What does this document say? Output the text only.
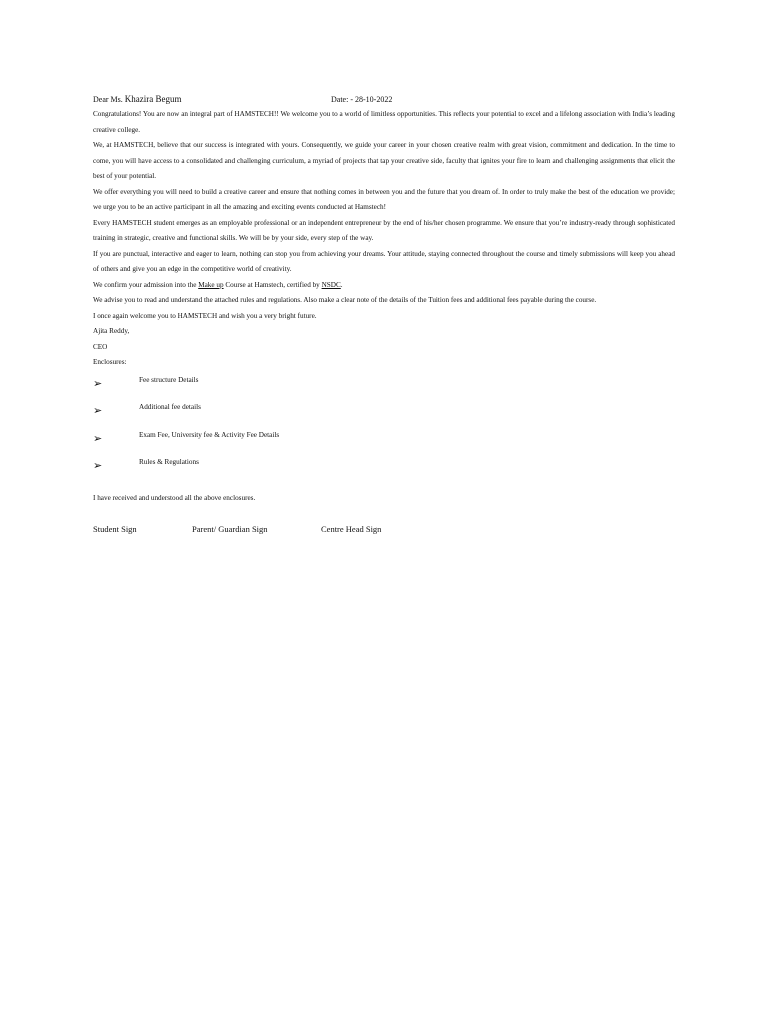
Dear Ms. Khazira Begum	Date: - 28-10-2022

Congratulations! You are now an integral part of HAMSTECH!! We welcome you to a world of limitless opportunities. This reflects your potential to excel and a lifelong association with India’s leading creative college.

We, at HAMSTECH, believe that our success is integrated with yours. Consequently, we guide your career in your chosen creative realm with great vision, commitment and dedication. In the time to come, you will have access to a consolidated and challenging curriculum, a myriad of projects that tap your creative side, faculty that ignites your fire to learn and challenging assignments that elicit the best of your potential.

We offer everything you will need to build a creative career and ensure that nothing comes in between you and the future that you dream of. In order to truly make the best of the education we provide; we urge you to be an active participant in all the amazing and exciting events conducted at Hamstech!

Every HAMSTECH student emerges as an employable professional or an independent entrepreneur by the end of his/her chosen programme. We ensure that you’re industry-ready through sophisticated training in strategic, creative and functional skills. We will be by your side, every step of the way.

If you are punctual, interactive and eager to learn, nothing can stop you from achieving your dreams. Your attitude, staying connected throughout the course and timely submissions will keep you ahead of others and give you an edge in the competitive world of creativity.

We confirm your admission into the Make up Course at Hamstech, certified by NSDC.

We advise you to read and understand the attached rules and regulations. Also make a clear note of the details of the Tuition fees and additional fees payable during the course.

I once again welcome you to HAMSTECH and wish you a very bright future.

Ajita Reddy,

CEO

Enclosures:

➢	Fee structure Details
➢	Additional fee details
➢	Exam Fee, University fee & Activity Fee Details
➢	Rules & Regulations

I have received and understood all the above enclosures.

Student Sign	Parent/ Guardian Sign	Centre Head Sign
